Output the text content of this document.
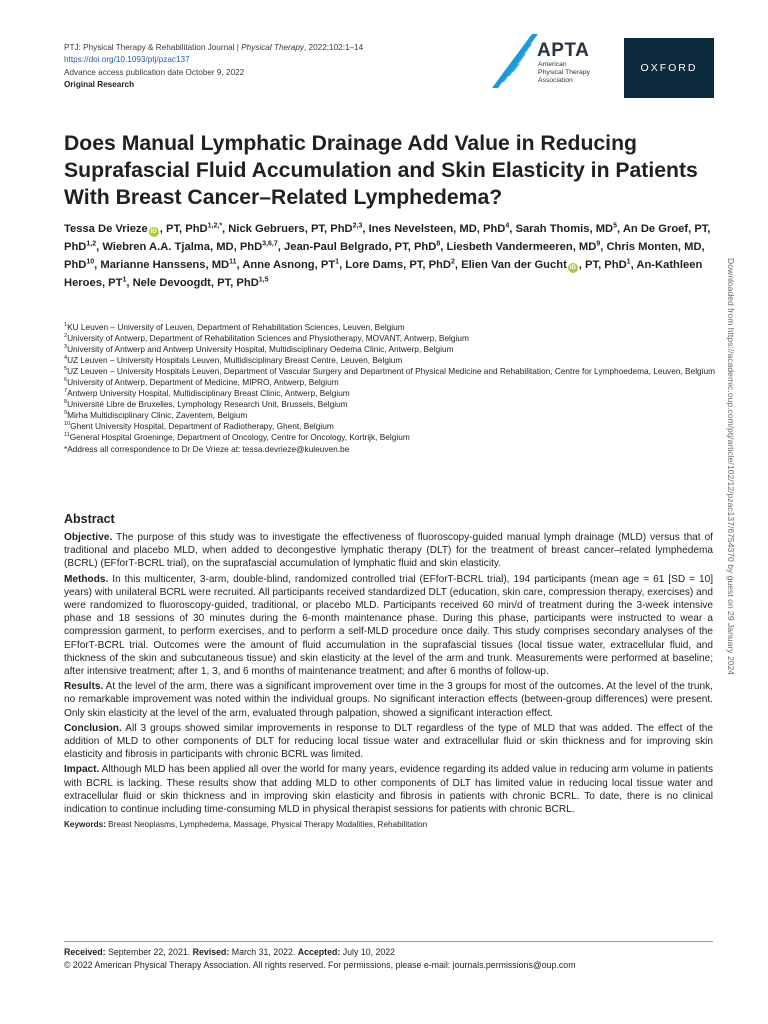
PTJ: Physical Therapy & Rehabilitation Journal | Physical Therapy, 2022;102:1–14
https://doi.org/10.1093/ptj/pzac137
Advance access publication date October 9, 2022
Original Research
APTA
American
Physical Therapy
Association
OXFORD
Does Manual Lymphatic Drainage Add Value in Reducing Suprafascial Fluid Accumulation and Skin Elasticity in Patients With Breast Cancer–Related Lymphedema?
Tessa De Vrieze iD , PT, PhD$^{1,2,*}$, Nick Gebruers, PT, PhD$^{2,3}$, Ines Nevelsteen, MD, PhD$^4$, Sarah Thomis, $MD^5$, An De Groef, PT, PhD$^{1,2}$, Wiebren A.A. Tjalma, MD, PhD$^{3,6,7}$, Jean-Paul Belgrado, PT, PhD$^8$, Liesbeth Vandermeeren, $MD^9$, Chris Monten, MD, PhD$^{10}$, Marianne Hanssens, MD$^{11}$, Anne Asnong, $PT^1$, Lore Dams, PT, PhD$^2$, Elien Van der Gucht iD , PT, PhD$^1$, An-Kathleen Heroes, $PT^1$, Nele Devoogdt, PT, PhD$^{1,5}$

$^1$KU Leuven – University of Leuven, Department of Rehabilitation Sciences, Leuven, Belgium

$^2$University of Antwerp, Department of Rehabilitation Sciences and Physiotherapy, MOVANT, Antwerp, Belgium

$^3$University of Antwerp and Antwerp University Hospital, Multidisciplinary Oedema Clinic, Antwerp, Belgium

$^4$UZ Leuven – University Hospitals Leuven, Multidisciplinary Breast Centre, Leuven, Belgium

$^5$UZ Leuven – University Hospitals Leuven, Department of Vascular Surgery and Department of Physical Medicine and Rehabilitation, Centre for Lymphoedema, Leuven, Belgium

$^6$University of Antwerp, Department of Medicine, MIPRO, Antwerp, Belgium

$^7$Antwerp University Hospital, Multidisciplinary Breast Clinic, Antwerp, Belgium

$^8$Université Libre de Bruxelles, Lymphology Research Unit, Brussels, Belgium

$^9$Mirha Multidisciplinary Clinic, Zaventem, Belgium

$^{10}$Ghent University Hospital, Department of Radiotherapy, Ghent, Belgium

$^{11}$General Hospital Groeninge, Department of Oncology, Centre for Oncology, Kortrijk, Belgium

*Address all correspondence to Dr De Vrieze at: tessa.devrieze@kuleuven.be

Abstract

Objective. The purpose of this study was to investigate the effectiveness of fluoroscopy-guided manual lymph drainage (MLD) versus that of traditional and placebo MLD, when added to decongestive lymphatic therapy (DLT) for the treatment of breast cancer–related lymphedema (BCRL) (EFforT-BCRL trial), on the suprafascial accumulation of lymphatic fluid and skin elasticity.

Methods. In this multicenter, 3-arm, double-blind, randomized controlled trial (EFforT-BCRL trial), 194 participants (mean age = 61 [SD = 10] years) with unilateral BCRL were recruited. All participants received standardized DLT (education, skin care, compression therapy, exercises) and were randomized to fluoroscopy-guided, traditional, or placebo MLD. Participants received 60 min/d of treatment during the 3-week intensive phase and 18 sessions of 30 minutes during the 6-month maintenance phase. During this phase, participants were instructed to wear a compression garment, to perform exercises, and to perform a self-MLD procedure once daily. This study comprises secondary analyses of the EFforT-BCRL trial. Outcomes were the amount of fluid accumulation in the suprafascial tissues (local tissue water, extracellular fluid, and thickness of the skin and subcutaneous tissue) and skin elasticity at the level of the arm and trunk. Measurements were performed at baseline; after intensive treatment; after 1, 3, and 6 months of maintenance treatment; and after 6 months of follow-up.

Results. At the level of the arm, there was a significant improvement over time in the 3 groups for most of the outcomes. At the level of the trunk, no remarkable improvement was noted within the individual groups. No significant interaction effects (between-group differences) were present. Only skin elasticity at the level of the arm, evaluated through palpation, showed a significant interaction effect.

Conclusion. All 3 groups showed similar improvements in response to DLT regardless of the type of MLD that was added. The effect of the addition of MLD to other components of DLT for reducing local tissue water and extracellular fluid or skin thickness and for improving skin elasticity and fibrosis in participants with chronic BCRL was limited.

Impact. Although MLD has been applied all over the world for many years, evidence regarding its added value in reducing arm volume in patients with BCRL is lacking. These results show that adding MLD to other components of DLT has limited value in reducing local tissue water and extracellular fluid or skin thickness and in improving skin elasticity and fibrosis in patients with chronic BCRL. To date, there is no clinical indication to continue including time-consuming MLD in physical therapist sessions for patients with chronic BCRL.

Keywords: Breast Neoplasms, Lymphedema, Massage, Physical Therapy Modalities, Rehabilitation

Received: September 22, 2021. Revised: March 31, 2022. Accepted: July 10, 2022
© 2022 American Physical Therapy Association. All rights reserved. For permissions, please e-mail: journals.permissions@oup.com
Downloaded from https://academic.oup.com/ptj/article/102/12/pzac137/6754370 by guest on 29 January 2024
